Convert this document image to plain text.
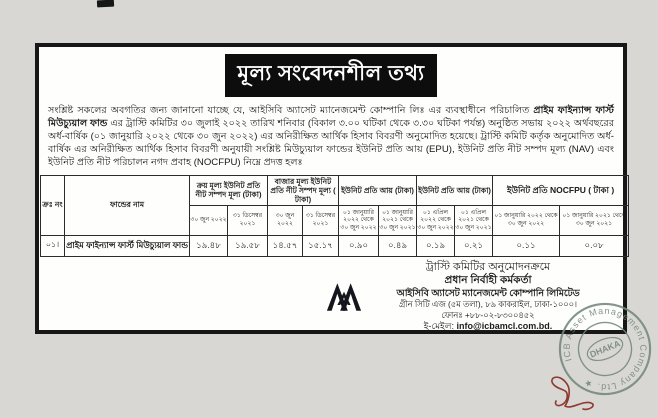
মূল্য সংবেদনশীল তথ্য

সংশ্লিষ্ট সকলের অবগতির জন্য জানানো যাচ্ছে যে, আইসিবি অ্যাসেট ম্যানেজমেন্ট কোম্পানি লিঃ এর ব্যবস্থাধীনে পরিচালিত প্রাইম ফাইন্যান্স ফার্স্ট মিউচ্যুয়াল ফান্ড এর ট্রাস্টি কমিটির ৩০ জুলাই ২০২২ তারিখ শনিবার (বিকাল ৩.০০ ঘটিকা থেকে ৩.৩০ ঘটিকা পর্যন্ত) অনুষ্ঠিত সভায় ২০২২ অর্থবছরের অর্ধ-বার্ষিক (০১ জানুয়ারি ২০২২ থেকে ৩০ জুন ২০২২) এর অনিরীক্ষিত আর্থিক হিসাব বিবরণী অনুমোদিত হয়েছে। ট্রাস্টি কমিটি কর্তৃক অনুমোদিত অর্ধ-বার্ষিক এর অনিরীক্ষিত আর্থিক হিসাব বিবরণী অনুযায়ী সংশ্লিষ্ট মিউচ্যুয়াল ফান্ডের ইউনিট প্রতি আয় (EPU), ইউনিট প্রতি নীট সম্পদ মূল্য (NAV) এবং ইউনিট প্রতি নীট পরিচালন নগদ প্রবাহ (NOCFPU) নিম্নে প্রদত্ত হলঃ

ক্রঃ নং	ফান্ডের নাম	ক্রয় মূল্য ইউনিট প্রতি নীট সম্পদ মূল্য (টাকা)		বাজার মূল্য ইউনিট প্রতি নীট সম্পদ মূল্য ( টাকা)		ইউনিট প্রতি আয় (টাকা)		ইউনিট প্রতি আয় (টাকা)		ইউনিট প্রতি NOCFPU ( টাকা )	
		৩০ জুন ২০২২	৩১ ডিসেম্বর ২০২১	৩০ জুন ২০২২	৩১ ডিসেম্বর ২০২১	০১ জানুয়ারি ২০২২ থেকে ৩০ জুন ২০২২	০১ জানুয়ারি ২০২১ থেকে ৩০ জুন ২০২১	০১ এপ্রিল ২০২২ থেকে ৩০ জুন ২০২২	০১ এপ্রিল ২০২১ থেকে ৩০ জুন ২০২১	০১ জানুয়ারি ২০২২ থেকে ৩০ জুন ২০২২	০১ জানুয়ারি ২০২১ থেকে ৩০ জুন ২০২১
০১।	প্রাইম ফাইন্যান্স ফার্স্ট মিউচ্যুয়াল ফান্ড	১৯.৪৮	১৯.৫৮	১৪.৫৭	১৫.১৭	০.৯০	০.৪৯	০.১৯	০.২১	০.১১	০.০৮
ট্রাস্টি কমিটির অনুমোদনক্রমে
প্রধান নির্বাহী কর্মকর্তা
আইসিবি অ্যাসেট ম্যানেজমেন্ট কোম্পানি লিমিটেড
গ্রীন সিটি এজ (৫ম তলা), ৮৯ কাকরাইল, ঢাকা-১০০০।
ফোনঃ +৮৮-০২-৮৩০০৪৫২
ই-মেইল: info@icbamcl.com.bd.
ICB Asset Management Company Ltd. ★
DHAKA
